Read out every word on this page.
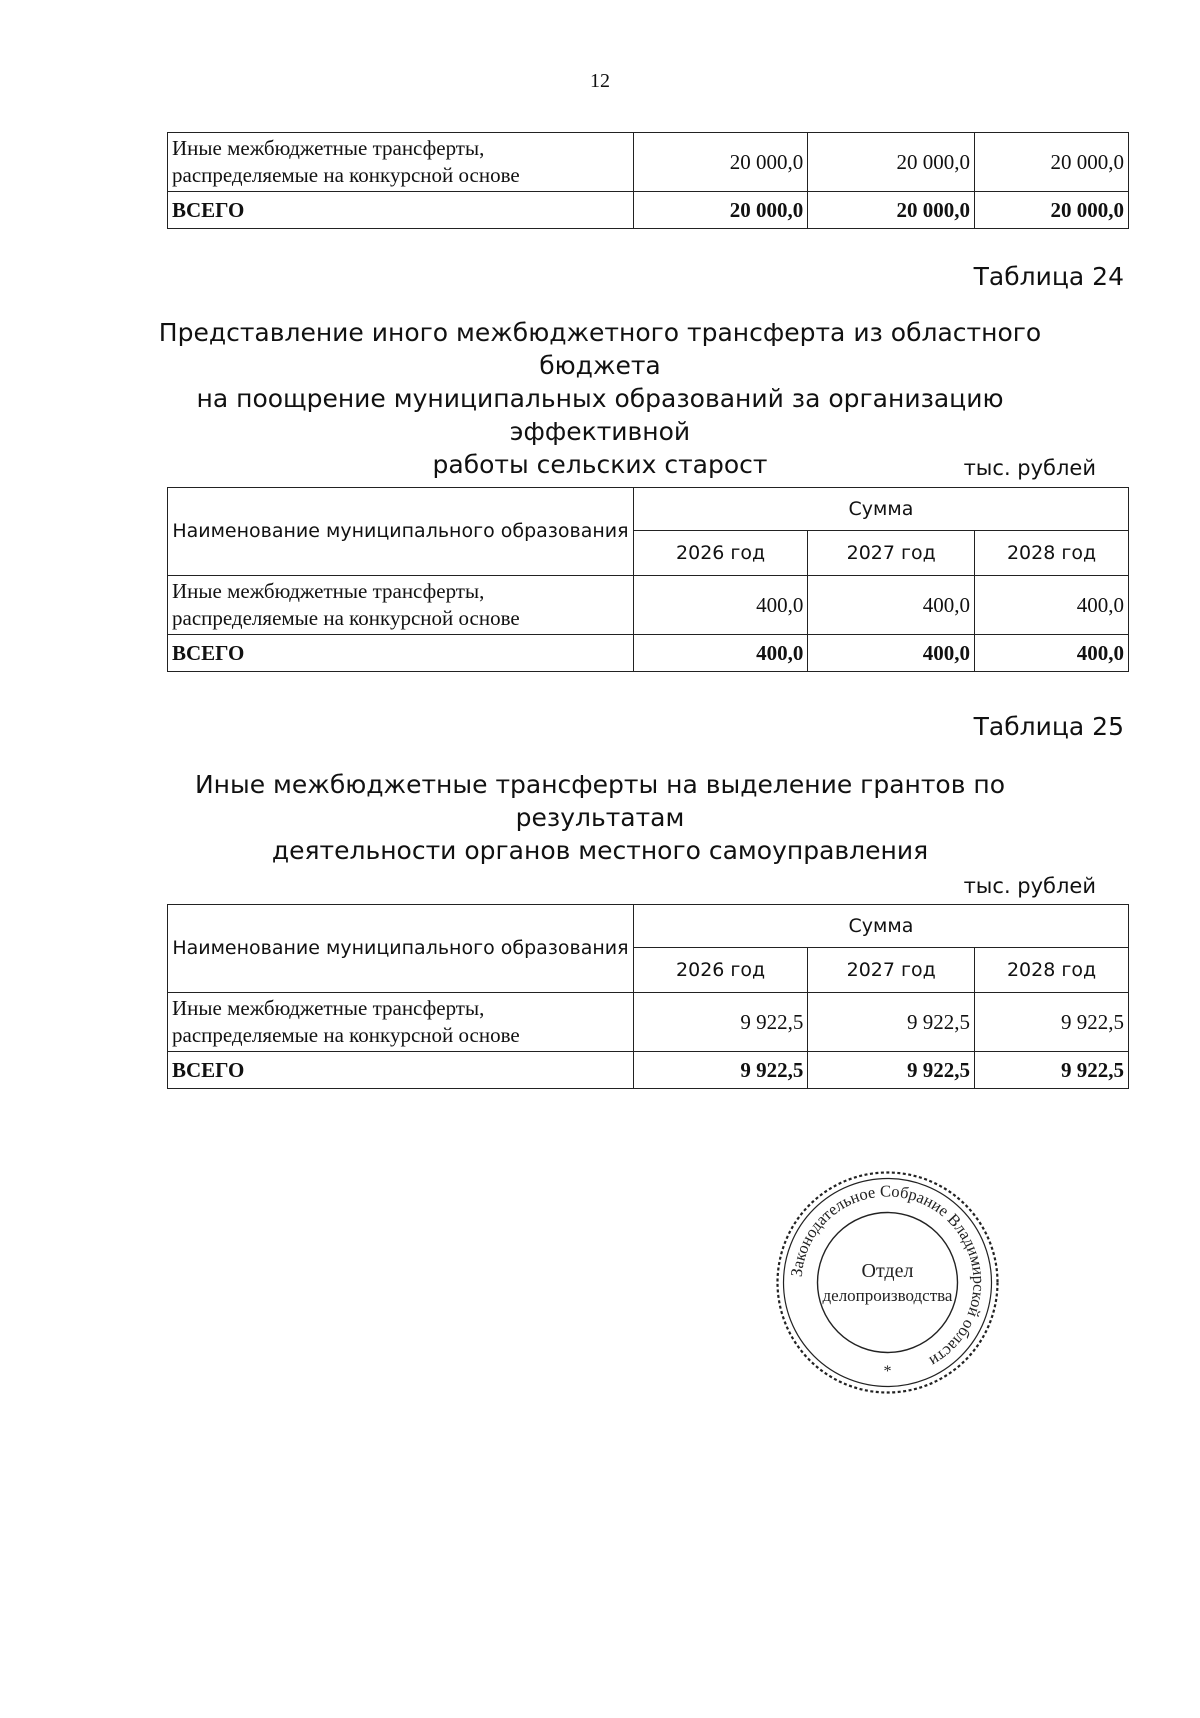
12
Иные межбюджетные трансферты, распределяемые на конкурсной основе	20 000,0	20 000,0	20 000,0
ВСЕГО	20 000,0	20 000,0	20 000,0
Таблица 24
Представление иного межбюджетного трансферта из областного бюджета
на поощрение муниципальных образований за организацию эффективной
работы сельских старост	тыс. рублей
Наименование муниципального образования	Сумма		
	2026 год	2027 год	2028 год
Иные межбюджетные трансферты, распределяемые на конкурсной основе	400,0	400,0	400,0
ВСЕГО	400,0	400,0	400,0
Таблица 25
Иные межбюджетные трансферты на выделение грантов по результатам
деятельности органов местного самоуправления
тыс. рублей
Наименование муниципального образования	Сумма		
	2026 год	2027 год	2028 год
Иные межбюджетные трансферты, распределяемые на конкурсной основе	9 922,5	9 922,5	9 922,5
ВСЕГО	9 922,5	9 922,5	9 922,5
Законодательное Собрание Владимирской области
Отдел
делопроизводства
*
